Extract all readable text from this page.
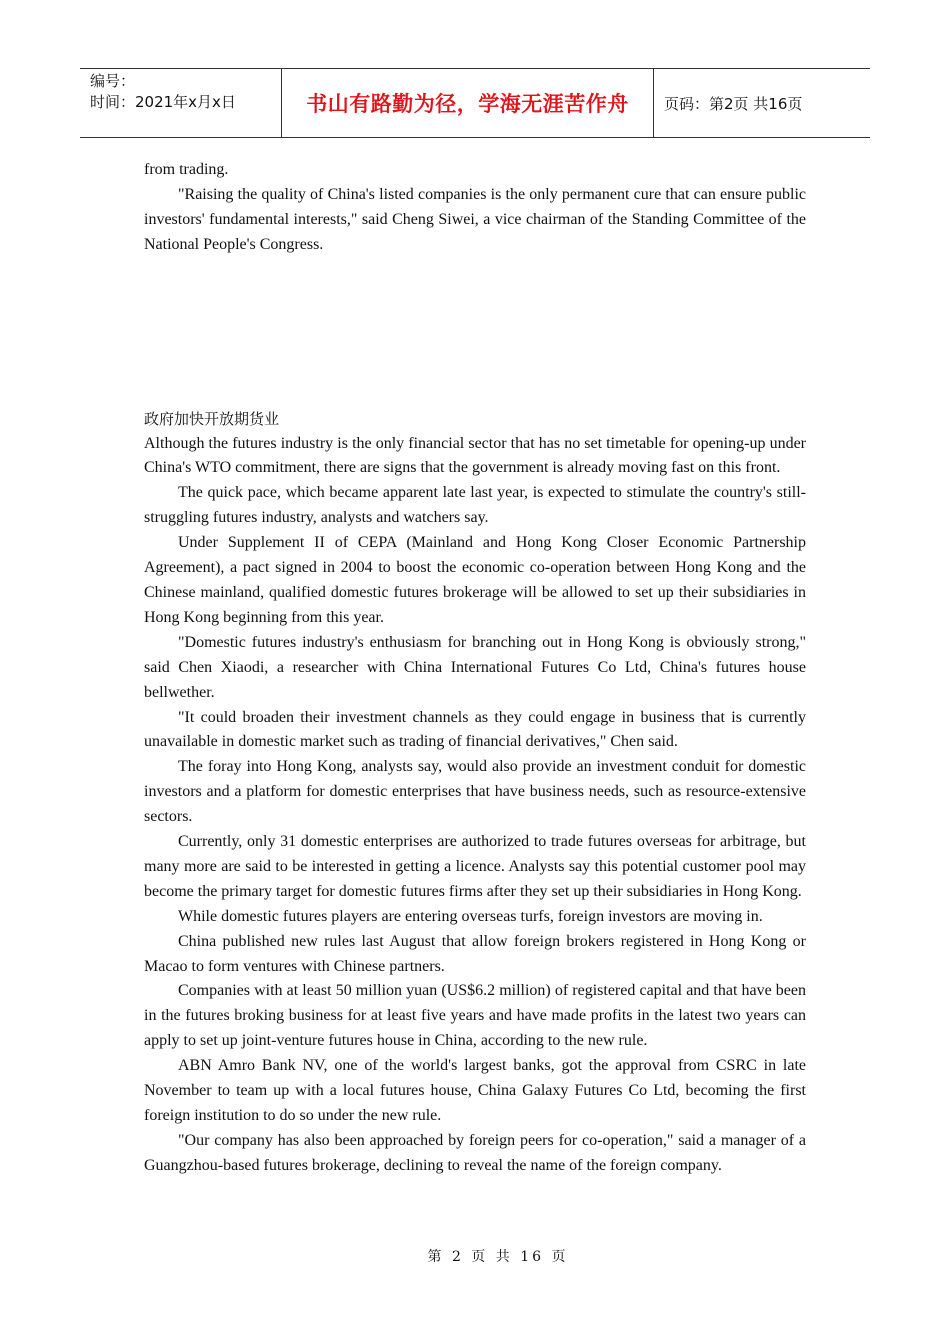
编号：
时间：2021年x月x日	书山有路勤为径，学海无涯苦作舟 页码：第2页 共16页

from trading.

"Raising the quality of China's listed companies is the only permanent cure that can ensure public investors' fundamental interests," said Cheng Siwei, a vice chairman of the Standing Committee of the National People's Congress.

政府加快开放期货业

Although the futures industry is the only financial sector that has no set timetable for opening-up under China's WTO commitment, there are signs that the government is already moving fast on this front.

The quick pace, which became apparent late last year, is expected to stimulate the country's still-struggling futures industry, analysts and watchers say.

Under Supplement II of CEPA (Mainland and Hong Kong Closer Economic Partnership Agreement), a pact signed in 2004 to boost the economic co-operation between Hong Kong and the Chinese mainland, qualified domestic futures brokerage will be allowed to set up their subsidiaries in Hong Kong beginning from this year.

"Domestic futures industry's enthusiasm for branching out in Hong Kong is obviously strong," said Chen Xiaodi, a researcher with China International Futures Co Ltd, China's futures house bellwether.

"It could broaden their investment channels as they could engage in business that is currently unavailable in domestic market such as trading of financial derivatives," Chen said.

The foray into Hong Kong, analysts say, would also provide an investment conduit for domestic investors and a platform for domestic enterprises that have business needs, such as resource-extensive sectors.

Currently, only 31 domestic enterprises are authorized to trade futures overseas for arbitrage, but many more are said to be interested in getting a licence. Analysts say this potential customer pool may become the primary target for domestic futures firms after they set up their subsidiaries in Hong Kong.

While domestic futures players are entering overseas turfs, foreign investors are moving in.

China published new rules last August that allow foreign brokers registered in Hong Kong or Macao to form ventures with Chinese partners.

Companies with at least 50 million yuan (US$6.2 million) of registered capital and that have been in the futures broking business for at least five years and have made profits in the latest two years can apply to set up joint-venture futures house in China, according to the new rule.

ABN Amro Bank NV, one of the world's largest banks, got the approval from CSRC in late November to team up with a local futures house, China Galaxy Futures Co Ltd, becoming the first foreign institution to do so under the new rule.

"Our company has also been approached by foreign peers for co-operation," said a manager of a Guangzhou-based futures brokerage, declining to reveal the name of the foreign company.

第 2 页 共 16 页
